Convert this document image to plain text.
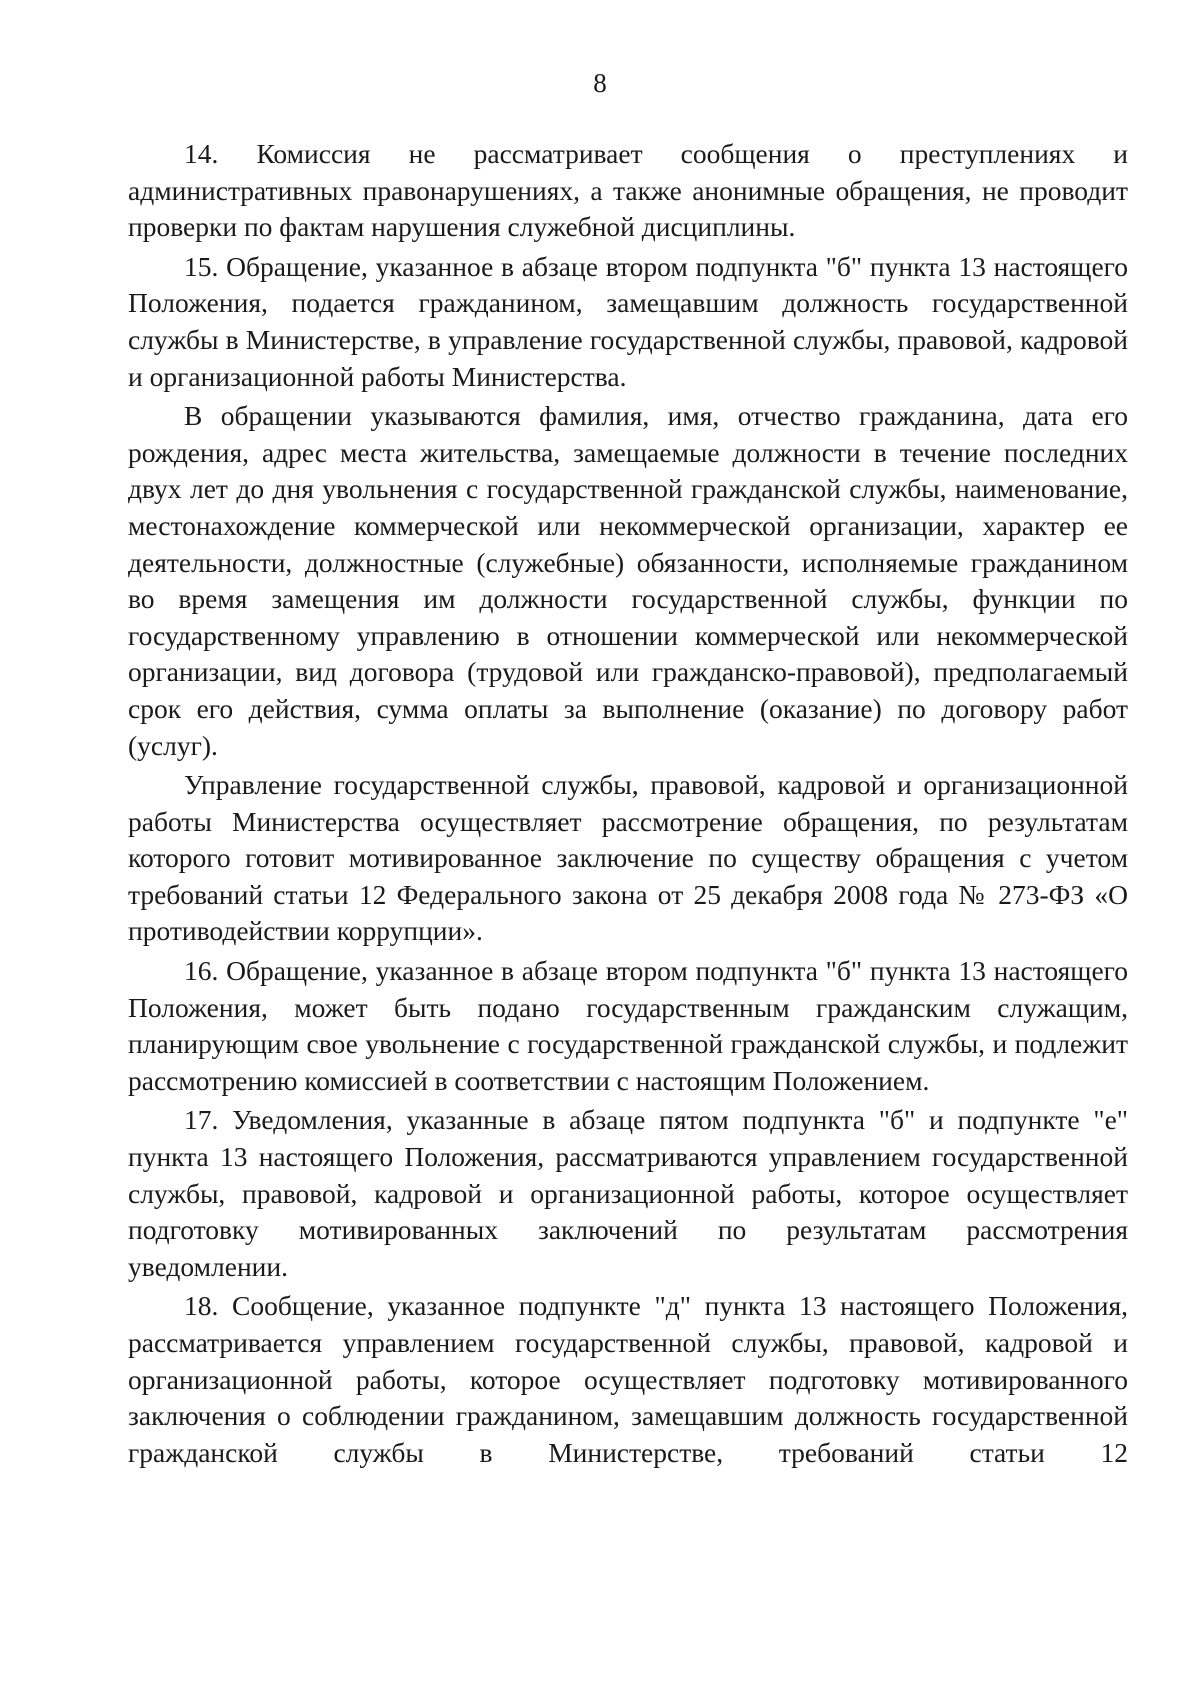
8

14. Комиссия не рассматривает сообщения о преступлениях и административных правонарушениях, а также анонимные обращения, не проводит проверки по фактам нарушения служебной дисциплины.

15. Обращение, указанное в абзаце втором подпункта "б" пункта 13 настоящего Положения, подается гражданином, замещавшим должность государственной службы в Министерстве, в управление государственной службы, правовой, кадровой и организационной работы Министерства.

В обращении указываются фамилия, имя, отчество гражданина, дата его рождения, адрес места жительства, замещаемые должности в течение последних двух лет до дня увольнения с государственной гражданской службы, наименование, местонахождение коммерческой или некоммерческой организации, характер ее деятельности, должностные (служебные) обязанности, исполняемые гражданином во время замещения им должности государственной службы, функции по государственному управлению в отношении коммерческой или некоммерческой организации, вид договора (трудовой или гражданско-правовой), предполагаемый срок его действия, сумма оплаты за выполнение (оказание) по договору работ (услуг).

Управление государственной службы, правовой, кадровой и организационной работы Министерства осуществляет рассмотрение обращения, по результатам которого готовит мотивированное заключение по существу обращения с учетом требований статьи 12 Федерального закона от 25 декабря 2008 года № 273-ФЗ «О противодействии коррупции».

16. Обращение, указанное в абзаце втором подпункта "б" пункта 13 настоящего Положения, может быть подано государственным гражданским служащим, планирующим свое увольнение с государственной гражданской службы, и подлежит рассмотрению комиссией в соответствии с настоящим Положением.

17. Уведомления, указанные в абзаце пятом подпункта "б" и подпункте "е" пункта 13 настоящего Положения, рассматриваются управлением государственной службы, правовой, кадровой и организационной работы, которое осуществляет подготовку мотивированных заключений по результатам рассмотрения уведомлении.

18. Сообщение, указанное подпункте "д" пункта 13 настоящего Положения, рассматривается управлением государственной службы, правовой, кадровой и организационной работы, которое осуществляет подготовку мотивированного заключения о соблюдении гражданином, замещавшим должность государственной гражданской службы в Министерстве, требований статьи 12
